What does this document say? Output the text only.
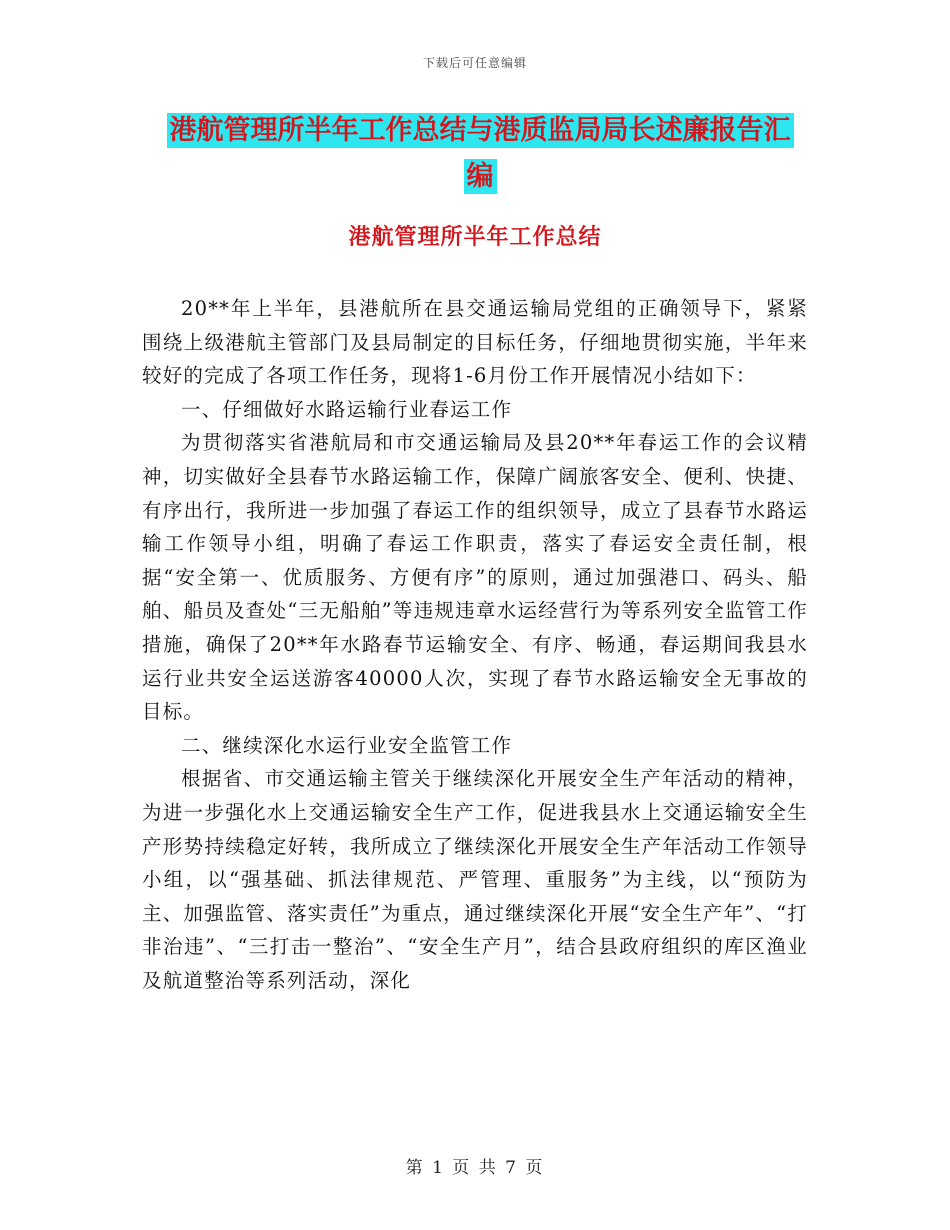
下载后可任意编辑
港航管理所半年工作总结与港质监局局长述廉报告汇
编
港航管理所半年工作总结

20**年上半年，县港航所在县交通运输局党组的正确领导下，紧紧围绕上级港航主管部门及县局制定的目标任务，仔细地贯彻实施，半年来较好的完成了各项工作任务，现将1-6月份工作开展情况小结如下：

一、仔细做好水路运输行业春运工作

为贯彻落实省港航局和市交通运输局及县20**年春运工作的会议精神，切实做好全县春节水路运输工作，保障广阔旅客安全、便利、快捷、有序出行，我所进一步加强了春运工作的组织领导，成立了县春节水路运输工作领导小组，明确了春运工作职责，落实了春运安全责任制，根据“安全第一、优质服务、方便有序”的原则，通过加强港口、码头、船舶、船员及查处“三无船舶”等违规违章水运经营行为等系列安全监管工作措施，确保了20**年水路春节运输安全、有序、畅通，春运期间我县水运行业共安全运送游客40000人次，实现了春节水路运输安全无事故的目标。

二、继续深化水运行业安全监管工作

根据省、市交通运输主管关于继续深化开展安全生产年活动的精神，为进一步强化水上交通运输安全生产工作，促进我县水上交通运输安全生产形势持续稳定好转，我所成立了继续深化开展安全生产年活动工作领导小组，以“强基础、抓法律规范、严管理、重服务”为主线，以“预防为主、加强监管、落实责任”为重点，通过继续深化开展“安全生产年”、“打非治违”、“三打击一整治”、“安全生产月”，结合县政府组织的库区渔业及航道整治等系列活动，深化

第 1 页 共 7 页
